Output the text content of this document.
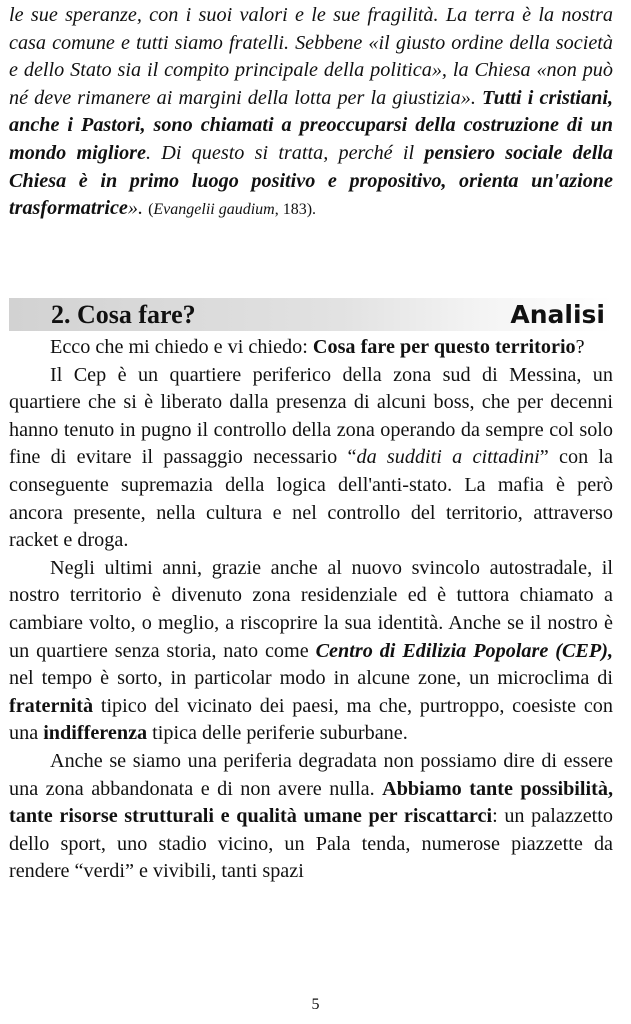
le sue speranze, con i suoi valori e le sue fragilità. La terra è la nostra casa comune e tutti siamo fratelli. Sebbene «il giusto ordine della società e dello Stato sia il compito principale della politica», la Chiesa «non può né deve rimanere ai margini della lotta per la giustizia». Tutti i cristiani, anche i Pastori, sono chiamati a preoccuparsi della costruzione di un mondo migliore. Di questo si tratta, perché il pensiero sociale della Chiesa è in primo luogo positivo e propositivo, orienta un'azione trasformatrice». (Evangelii gaudium, 183).

2. Cosa fare?	Analisi

Ecco che mi chiedo e vi chiedo: Cosa fare per questo territorio?

Il Cep è un quartiere periferico della zona sud di Messina, un quartiere che si è liberato dalla presenza di alcuni boss, che per decenni hanno tenuto in pugno il controllo della zona operando da sempre col solo fine di evitare il passaggio necessario “da sudditi a cittadini” con la conseguente supremazia della logica dell'anti-stato. La mafia è però ancora presente, nella cultura e nel controllo del territorio, attraverso racket e droga.

Negli ultimi anni, grazie anche al nuovo svincolo autostradale, il nostro territorio è divenuto zona residenziale ed è tuttora chiamato a cambiare volto, o meglio, a riscoprire la sua identità. Anche se il nostro è un quartiere senza storia, nato come Centro di Edilizia Popolare (CEP), nel tempo è sorto, in particolar modo in alcune zone, un microclima di fraternità tipico del vicinato dei paesi, ma che, purtroppo, coesiste con una indifferenza tipica delle periferie suburbane.

Anche se siamo una periferia degradata non possiamo dire di essere una zona abbandonata e di non avere nulla. Abbiamo tante possibilità, tante risorse strutturali e qualità umane per riscattarci: un palazzetto dello sport, uno stadio vicino, un Pala tenda, numerose piazzette da rendere “verdi” e vivibili, tanti spazi

5
